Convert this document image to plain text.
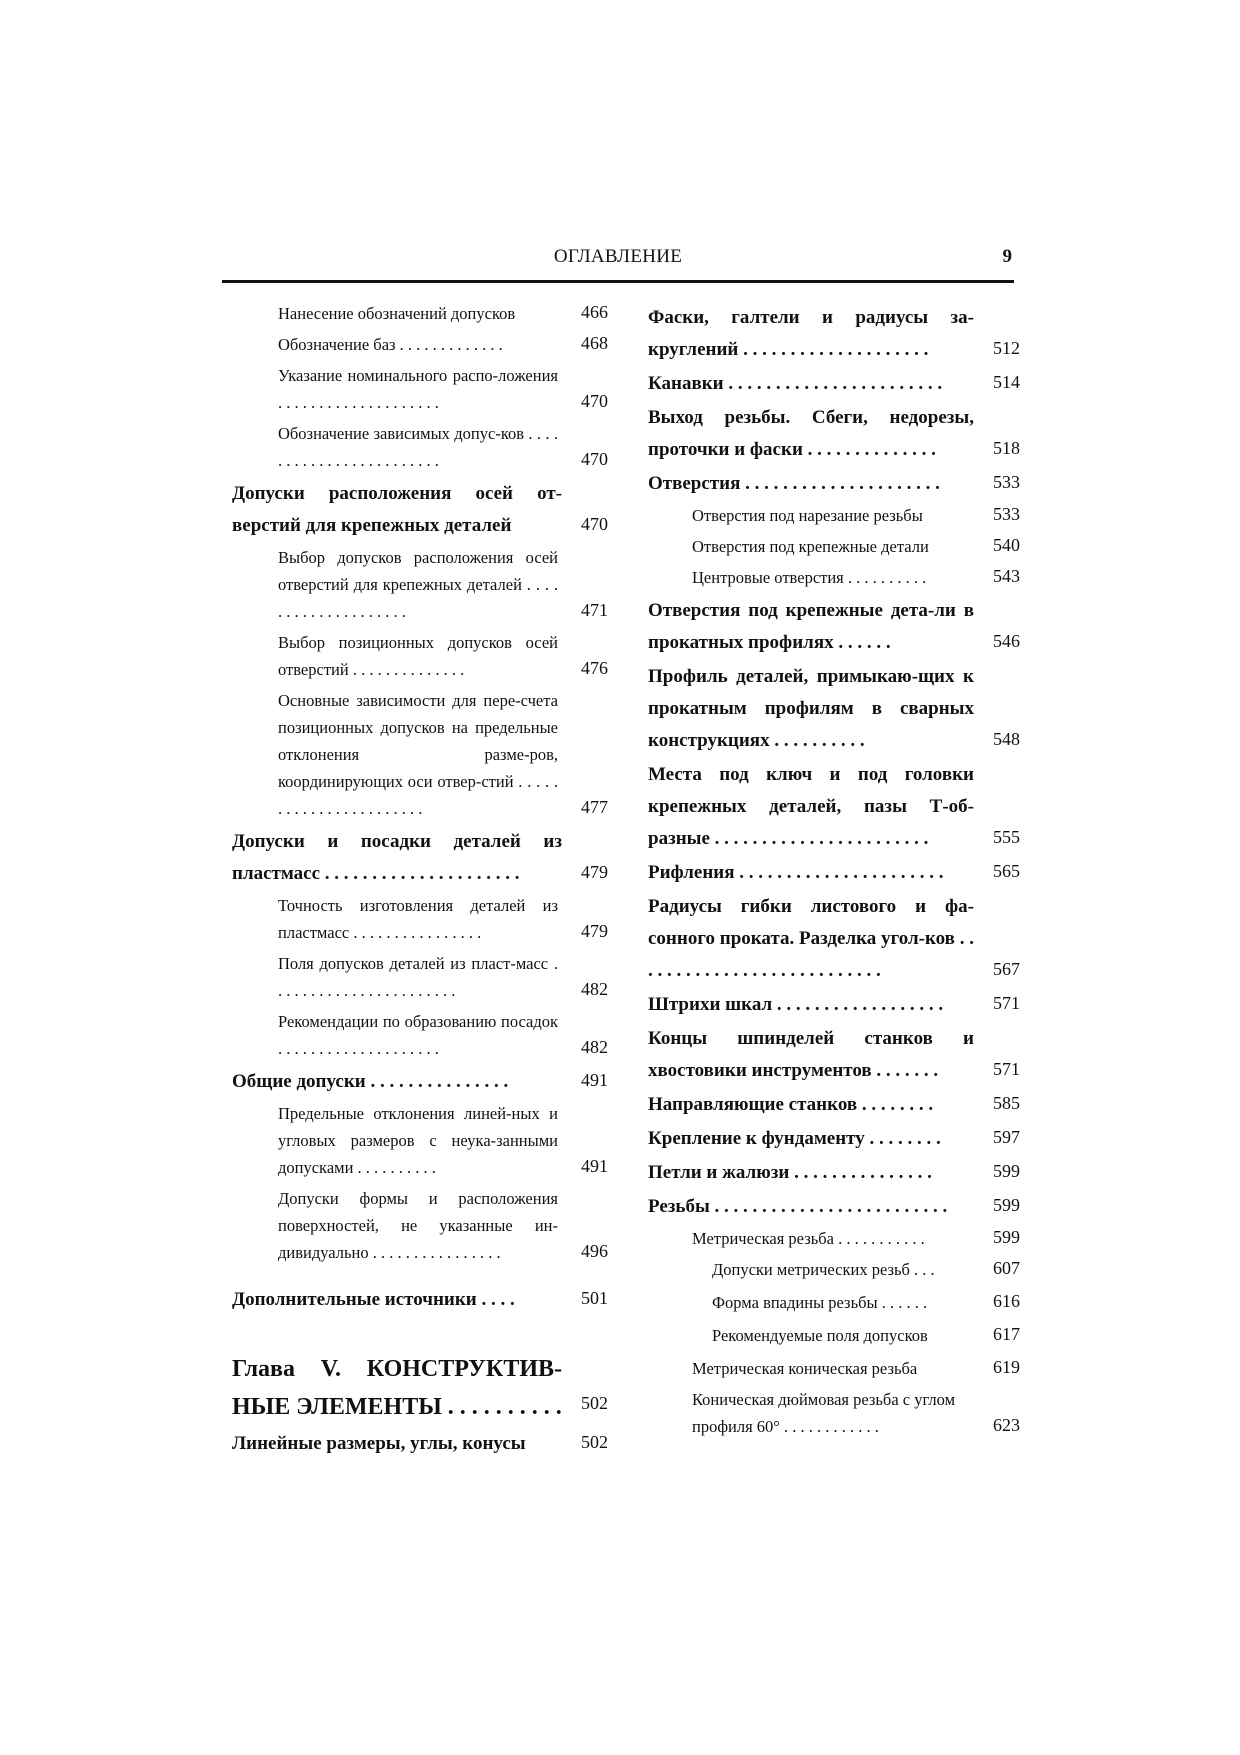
ОГЛАВЛЕНИЕ	9
Нанесение обозначений допусков	466
Обозначение баз . . . . . . . . . . . . .	468
Указание номинального распо-ложения . . . . . . . . . . . . . . . . . . . .	470
Обозначение зависимых допус-ков . . . . . . . . . . . . . . . . . . . . . . . .	470
Допуски расположения осей от-верстий для крепежных деталей	470
Выбор допусков расположения осей отверстий для крепежных деталей . . . . . . . . . . . . . . . . . . . .	471
Выбор позиционных допусков осей отверстий . . . . . . . . . . . . . .	476
Основные зависимости для пере-счета позиционных допусков на предельные отклонения разме-ров, координирующих оси отвер-стий . . . . . . . . . . . . . . . . . . . . . . .	477
Допуски и посадки деталей из пластмасс . . . . . . . . . . . . . . . . . . . . .	479
Точность изготовления деталей из пластмасс . . . . . . . . . . . . . . . .	479
Поля допусков деталей из пласт-масс . . . . . . . . . . . . . . . . . . . . . . .	482
Рекомендации по образованию посадок . . . . . . . . . . . . . . . . . . . .	482
Общие допуски . . . . . . . . . . . . . . .	491
Предельные отклонения линей-ных и угловых размеров с неука-занными допусками . . . . . . . . . .	491
Допуски формы и расположения поверхностей, не указанные ин-дивидуально . . . . . . . . . . . . . . . .	496
Дополнительные источники . . . .	501
Глава V. КОНСТРУКТИВ-НЫЕ ЭЛЕМЕНТЫ . . . . . . . . . . 502
Линейные размеры, углы, конусы	502
Фаски, галтели и радиусы за-круглений . . . . . . . . . . . . . . . . . . . .	512
Канавки . . . . . . . . . . . . . . . . . . . . . . .	514
Выход резьбы. Сбеги, недорезы, проточки и фаски . . . . . . . . . . . . . .	518
Отверстия . . . . . . . . . . . . . . . . . . . . .	533
Отверстия под нарезание резьбы	533
Отверстия под крепежные детали	540
Центровые отверстия . . . . . . . . . .	543
Отверстия под крепежные дета-ли в прокатных профилях . . . . . .	546
Профиль деталей, примыкаю-щих к прокатным профилям в сварных конструкциях . . . . . . . . . .	548
Места под ключ и под головки крепежных деталей, пазы Т-об-разные . . . . . . . . . . . . . . . . . . . . . . .	555
Рифления . . . . . . . . . . . . . . . . . . . . . .	565
Радиусы гибки листового и фа-сонного проката. Разделка угол-ков . . . . . . . . . . . . . . . . . . . . . . . . . . .	567
Штрихи шкал . . . . . . . . . . . . . . . . . .	571
Концы шпинделей станков и хвостовики инструментов . . . . . . .	571
Направляющие станков . . . . . . . .	585
Крепление к фундаменту . . . . . . . .	597
Петли и жалюзи . . . . . . . . . . . . . . .	599
Резьбы . . . . . . . . . . . . . . . . . . . . . . . . .	599
Метрическая резьба . . . . . . . . . . .	599
Допуски метрических резьб . . .	607
Форма впадины резьбы . . . . . .	616
Рекомендуемые поля допусков	617
Метрическая коническая резьба	619
Коническая дюймовая резьба с углом профиля 60° . . . . . . . . . . . .	623
